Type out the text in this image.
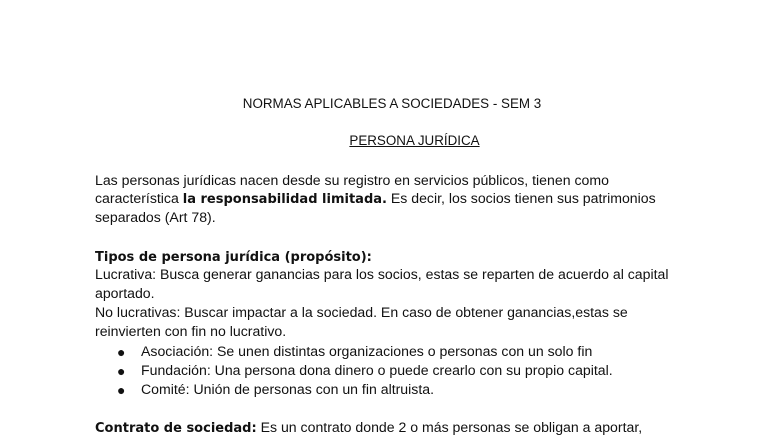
NORMAS APLICABLES A SOCIEDADES - SEM 3
PERSONA JURÍDICA
Las personas jurídicas nacen desde su registro en servicios públicos, tienen como
característica la responsabilidad limitada. Es decir, los socios tienen sus patrimonios
separados (Art 78).
Tipos de persona jurídica (propósito):
Lucrativa: Busca generar ganancias para los socios, estas se reparten de acuerdo al capital
aportado.
No lucrativas: Buscar impactar a la sociedad. En caso de obtener ganancias,estas se
reinvierten con fin no lucrativo.
● Asociación: Se unen distintas organizaciones o personas con un solo fin
● Fundación: Una persona dona dinero o puede crearlo con su propio capital.
● Comité: Unión de personas con un fin altruista.
Contrato de sociedad: Es un contrato donde 2 o más personas se obligan a aportar,
